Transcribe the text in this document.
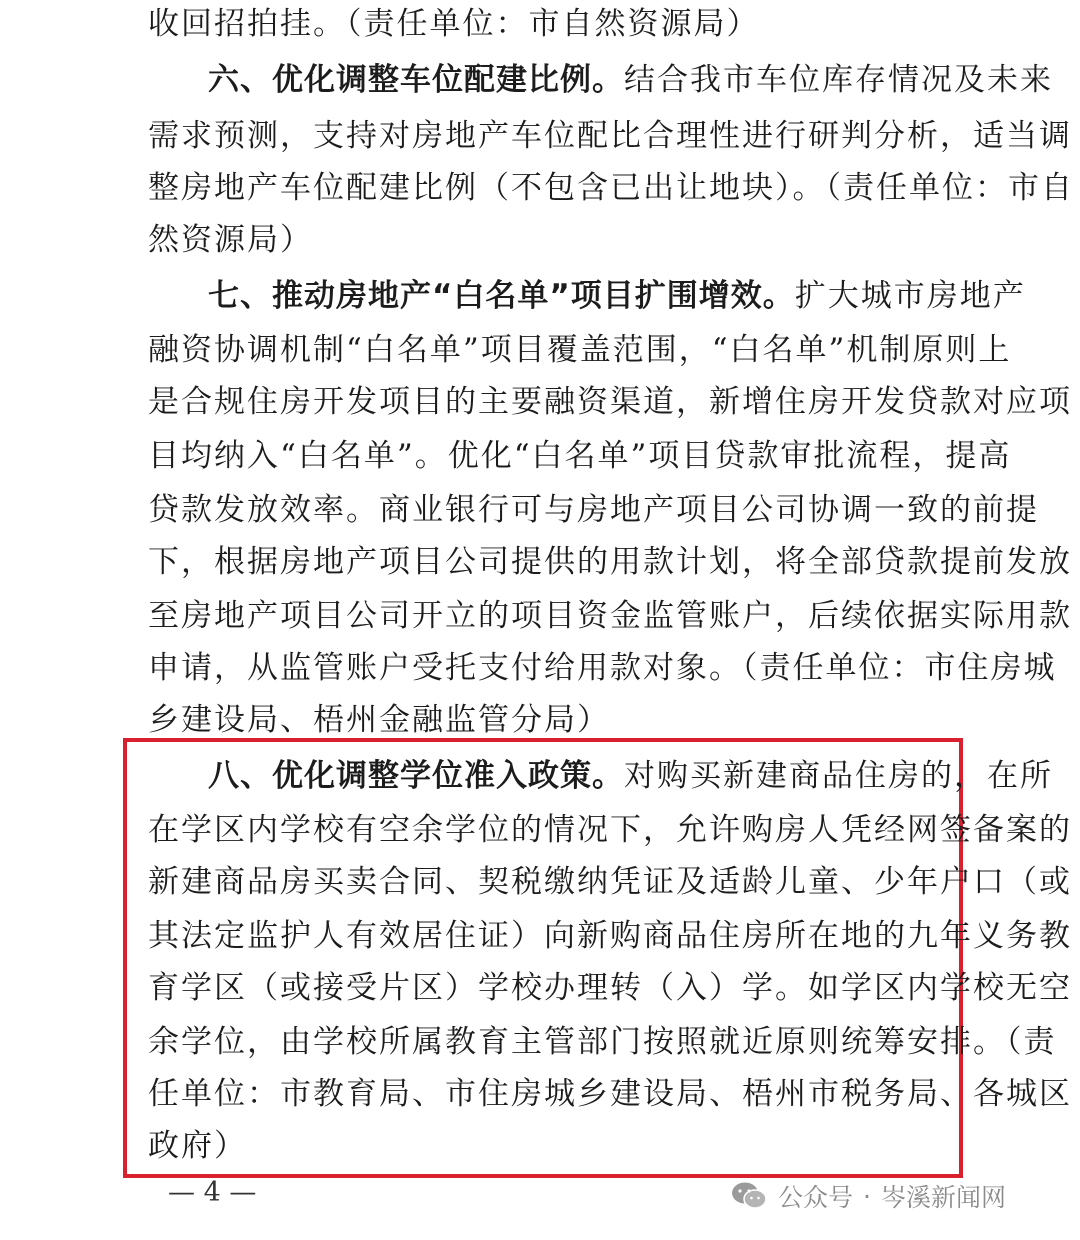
收回招拍挂。（责任单位：市自然资源局）
六、优化调整车位配建比例。结合我市车位库存情况及未来
需求预测，支持对房地产车位配比合理性进行研判分析，适当调
整房地产车位配建比例（不包含已出让地块）。（责任单位：市自
然资源局）
七、推动房地产“白名单”项目扩围增效。扩大城市房地产
融资协调机制“白名单”项目覆盖范围，“白名单”机制原则上
是合规住房开发项目的主要融资渠道，新增住房开发贷款对应项
目均纳入“白名单”。优化“白名单”项目贷款审批流程，提高
贷款发放效率。商业银行可与房地产项目公司协调一致的前提
下，根据房地产项目公司提供的用款计划，将全部贷款提前发放
至房地产项目公司开立的项目资金监管账户，后续依据实际用款
申请，从监管账户受托支付给用款对象。（责任单位：市住房城
乡建设局、梧州金融监管分局）
八、优化调整学位准入政策。对购买新建商品住房的，在所
在学区内学校有空余学位的情况下，允许购房人凭经网签备案的
新建商品房买卖合同、契税缴纳凭证及适龄儿童、少年户口（或
其法定监护人有效居住证）向新购商品住房所在地的九年义务教
育学区（或接受片区）学校办理转（入）学。如学区内学校无空
余学位，由学校所属教育主管部门按照就近原则统筹安排。（责
任单位：市教育局、市住房城乡建设局、梧州市税务局、各城区
政府）
— 4 —	公众号 · 岑溪新闻网
